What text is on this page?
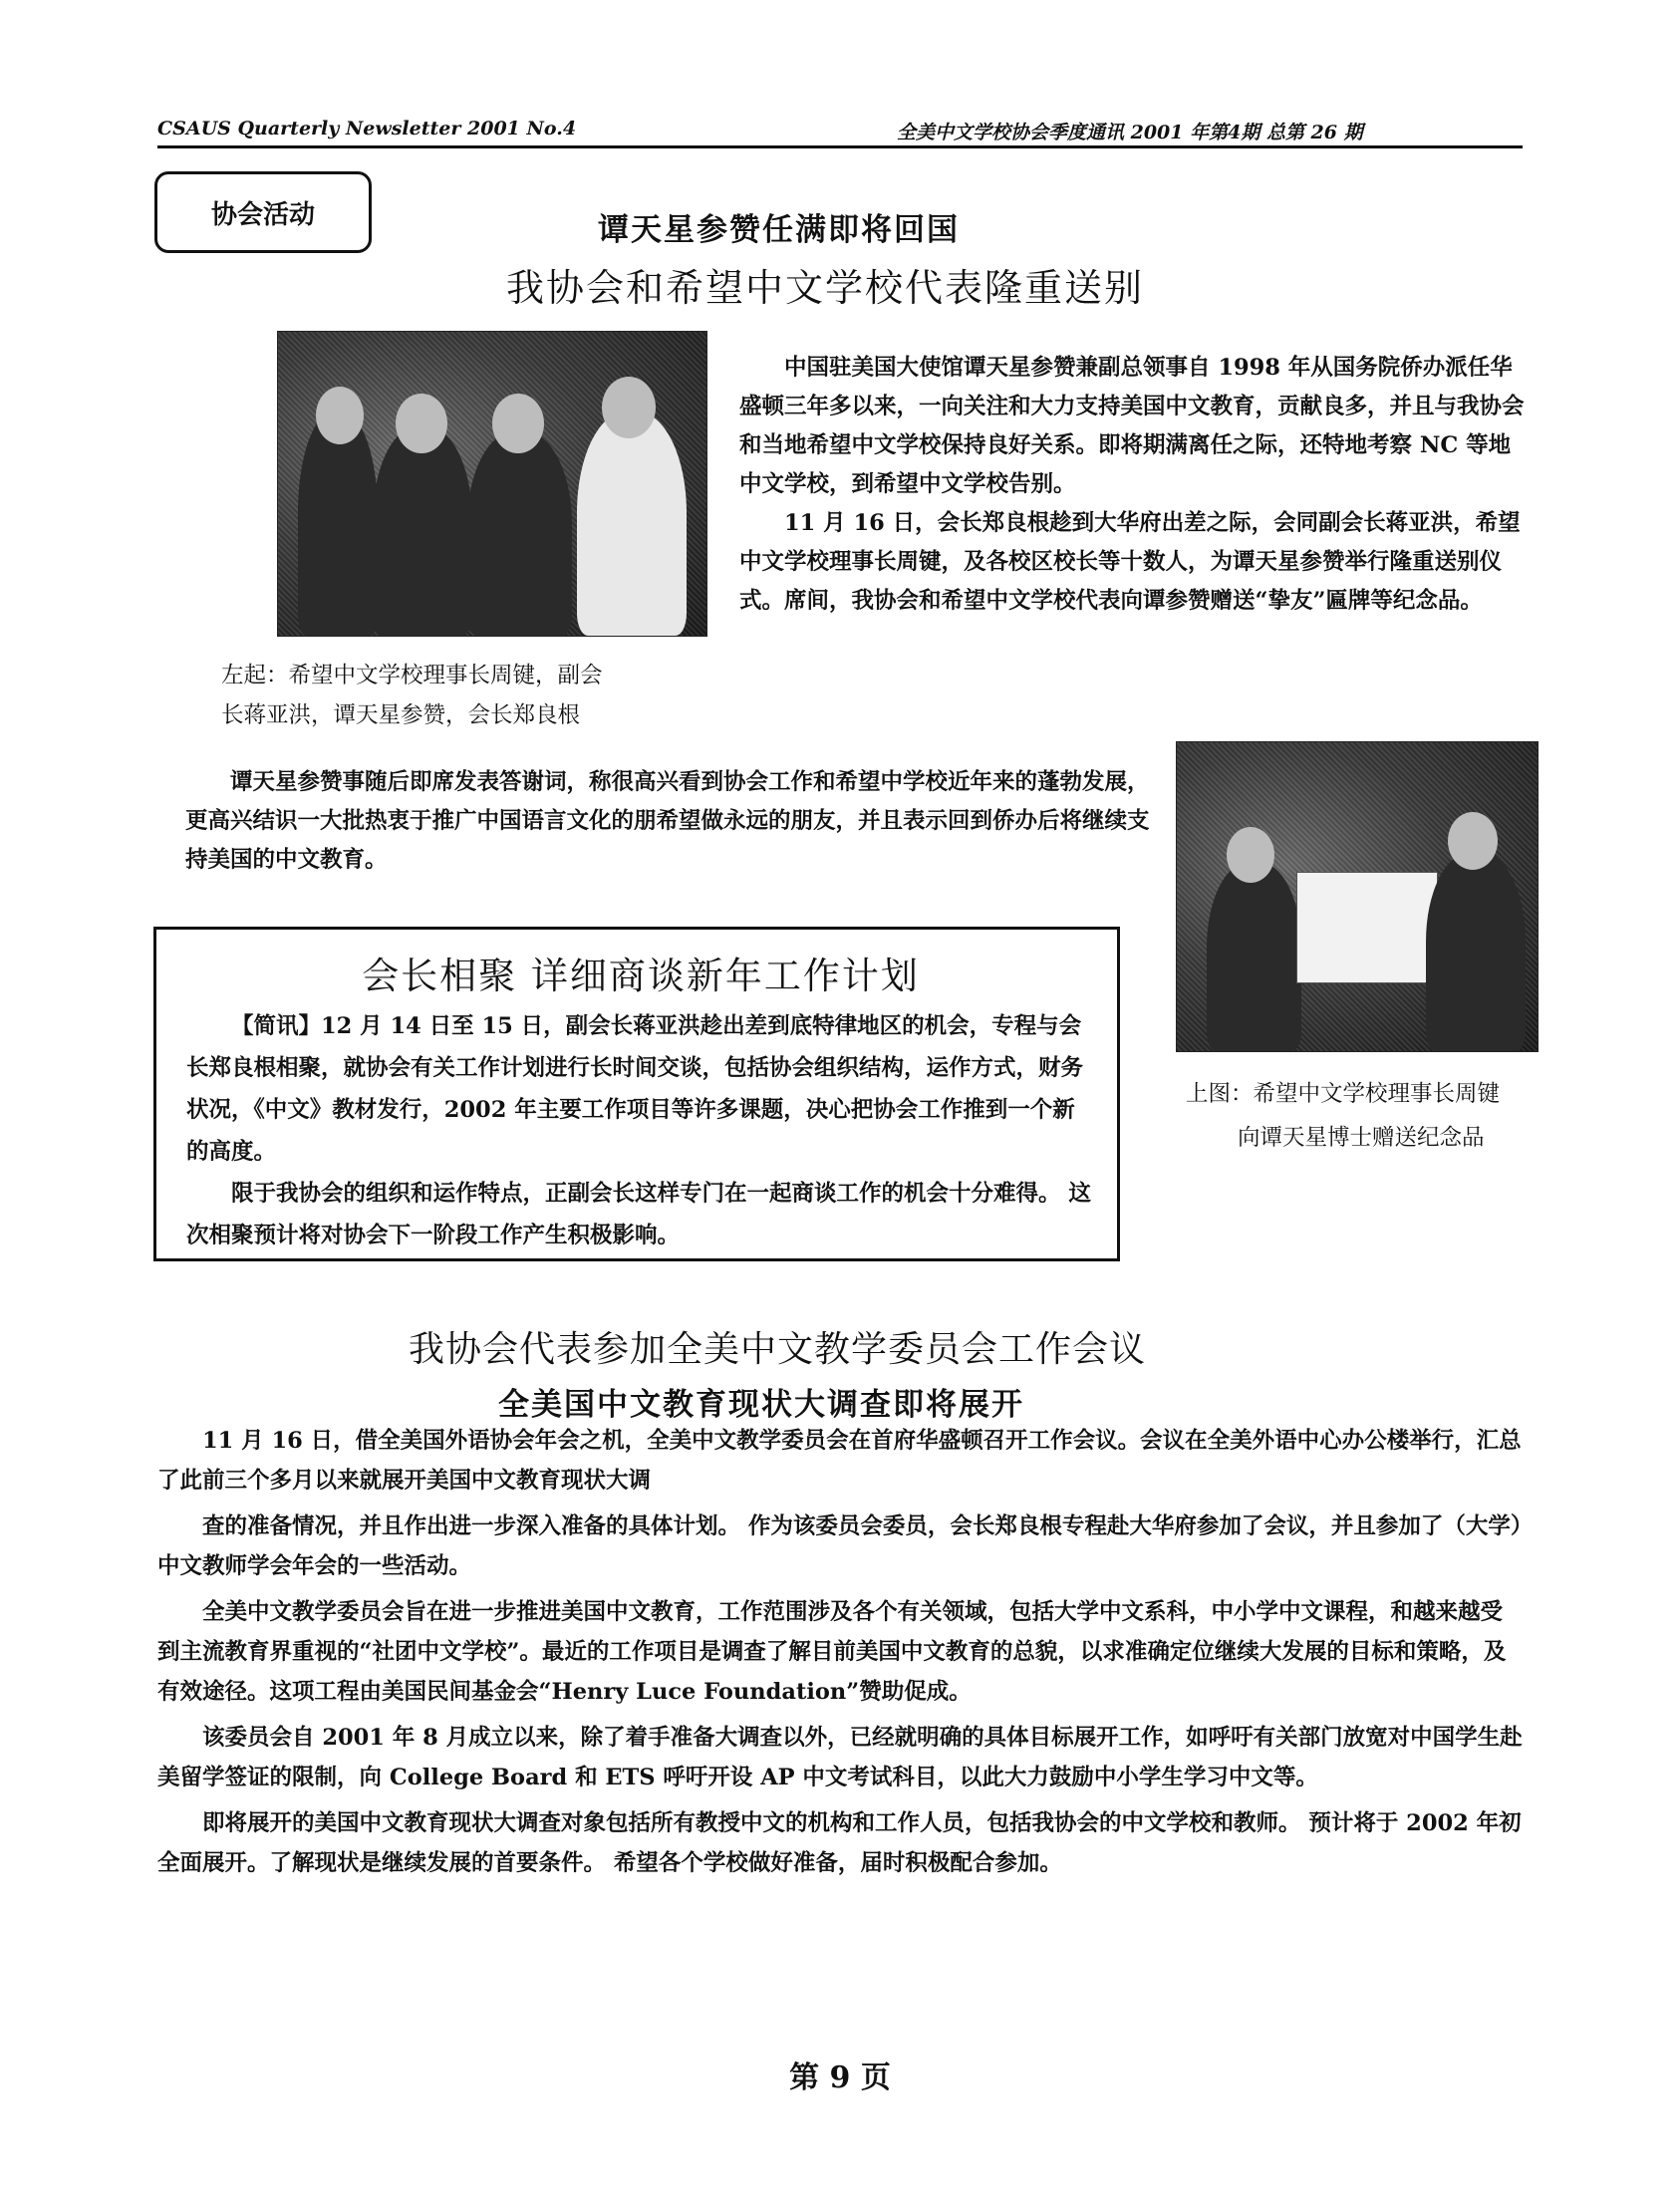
CSAUS Quarterly Newsletter 2001 No.4	全美中文学校协会季度通讯 2001 年第4期 总第 26 期
协会活动	谭天星参赞任满即将回国
我协会和希望中文学校代表隆重送别

中国驻美国大使馆谭天星参赞兼副总领事自 1998 年从国务院侨办派任华盛顿三年多以来，一向关注和大力支持美国中文教育，贡献良多，并且与我协会和当地希望中文学校保持良好关系。即将期满离任之际，还特地考察 NC 等地中文学校，到希望中文学校告别。

11 月 16 日，会长郑良根趁到大华府出差之际，会同副会长蒋亚洪，希望中文学校理事长周键，及各校区校长等十数人，为谭天星参赞举行隆重送别仪式。席间，我协会和希望中文学校代表向谭参赞赠送“挚友”匾牌等纪念品。

左起：希望中文学校理事长周键，副会
长蒋亚洪，谭天星参赞，会长郑良根

谭天星参赞事随后即席发表答谢词，称很高兴看到协会工作和希望中学校近年来的蓬勃发展，更高兴结识一大批热衷于推广中国语言文化的朋希望做永远的朋友，并且表示回到侨办后将继续支持美国的中文教育。

会长相聚 详细商谈新年工作计划

【简讯】12 月 14 日至 15 日，副会长蒋亚洪趁出差到底特律地区的机会，专程与会长郑良根相聚，就协会有关工作计划进行长时间交谈，包括协会组织结构，运作方式，财务状况，《中文》教材发行，2002 年主要工作项目等许多课题，决心把协会工作推到一个新的高度。

限于我协会的组织和运作特点，正副会长这样专门在一起商谈工作的机会十分难得。 这次相聚预计将对协会下一阶段工作产生积极影响。

上图：希望中文学校理事长周键
向谭天星博士赠送纪念品
我协会代表参加全美中文教学委员会工作会议
全美国中文教育现状大调查即将展开

11 月 16 日，借全美国外语协会年会之机，全美中文教学委员会在首府华盛顿召开工作会议。会议在全美外语中心办公楼举行，汇总了此前三个多月以来就展开美国中文教育现状大调

查的准备情况，并且作出进一步深入准备的具体计划。 作为该委员会委员，会长郑良根专程赴大华府参加了会议，并且参加了（大学）中文教师学会年会的一些活动。

全美中文教学委员会旨在进一步推进美国中文教育，工作范围涉及各个有关领域，包括大学中文系科，中小学中文课程，和越来越受到主流教育界重视的“社团中文学校”。最近的工作项目是调查了解目前美国中文教育的总貌，以求准确定位继续大发展的目标和策略，及有效途径。这项工程由美国民间基金会“Henry Luce Foundation”赞助促成。

该委员会自 2001 年 8 月成立以来，除了着手准备大调查以外，已经就明确的具体目标展开工作，如呼吁有关部门放宽对中国学生赴美留学签证的限制，向 College Board 和 ETS 呼吁开设 AP 中文考试科目，以此大力鼓励中小学生学习中文等。

即将展开的美国中文教育现状大调查对象包括所有教授中文的机构和工作人员，包括我协会的中文学校和教师。 预计将于 2002 年初全面展开。了解现状是继续发展的首要条件。 希望各个学校做好准备，届时积极配合参加。

第 9 页
